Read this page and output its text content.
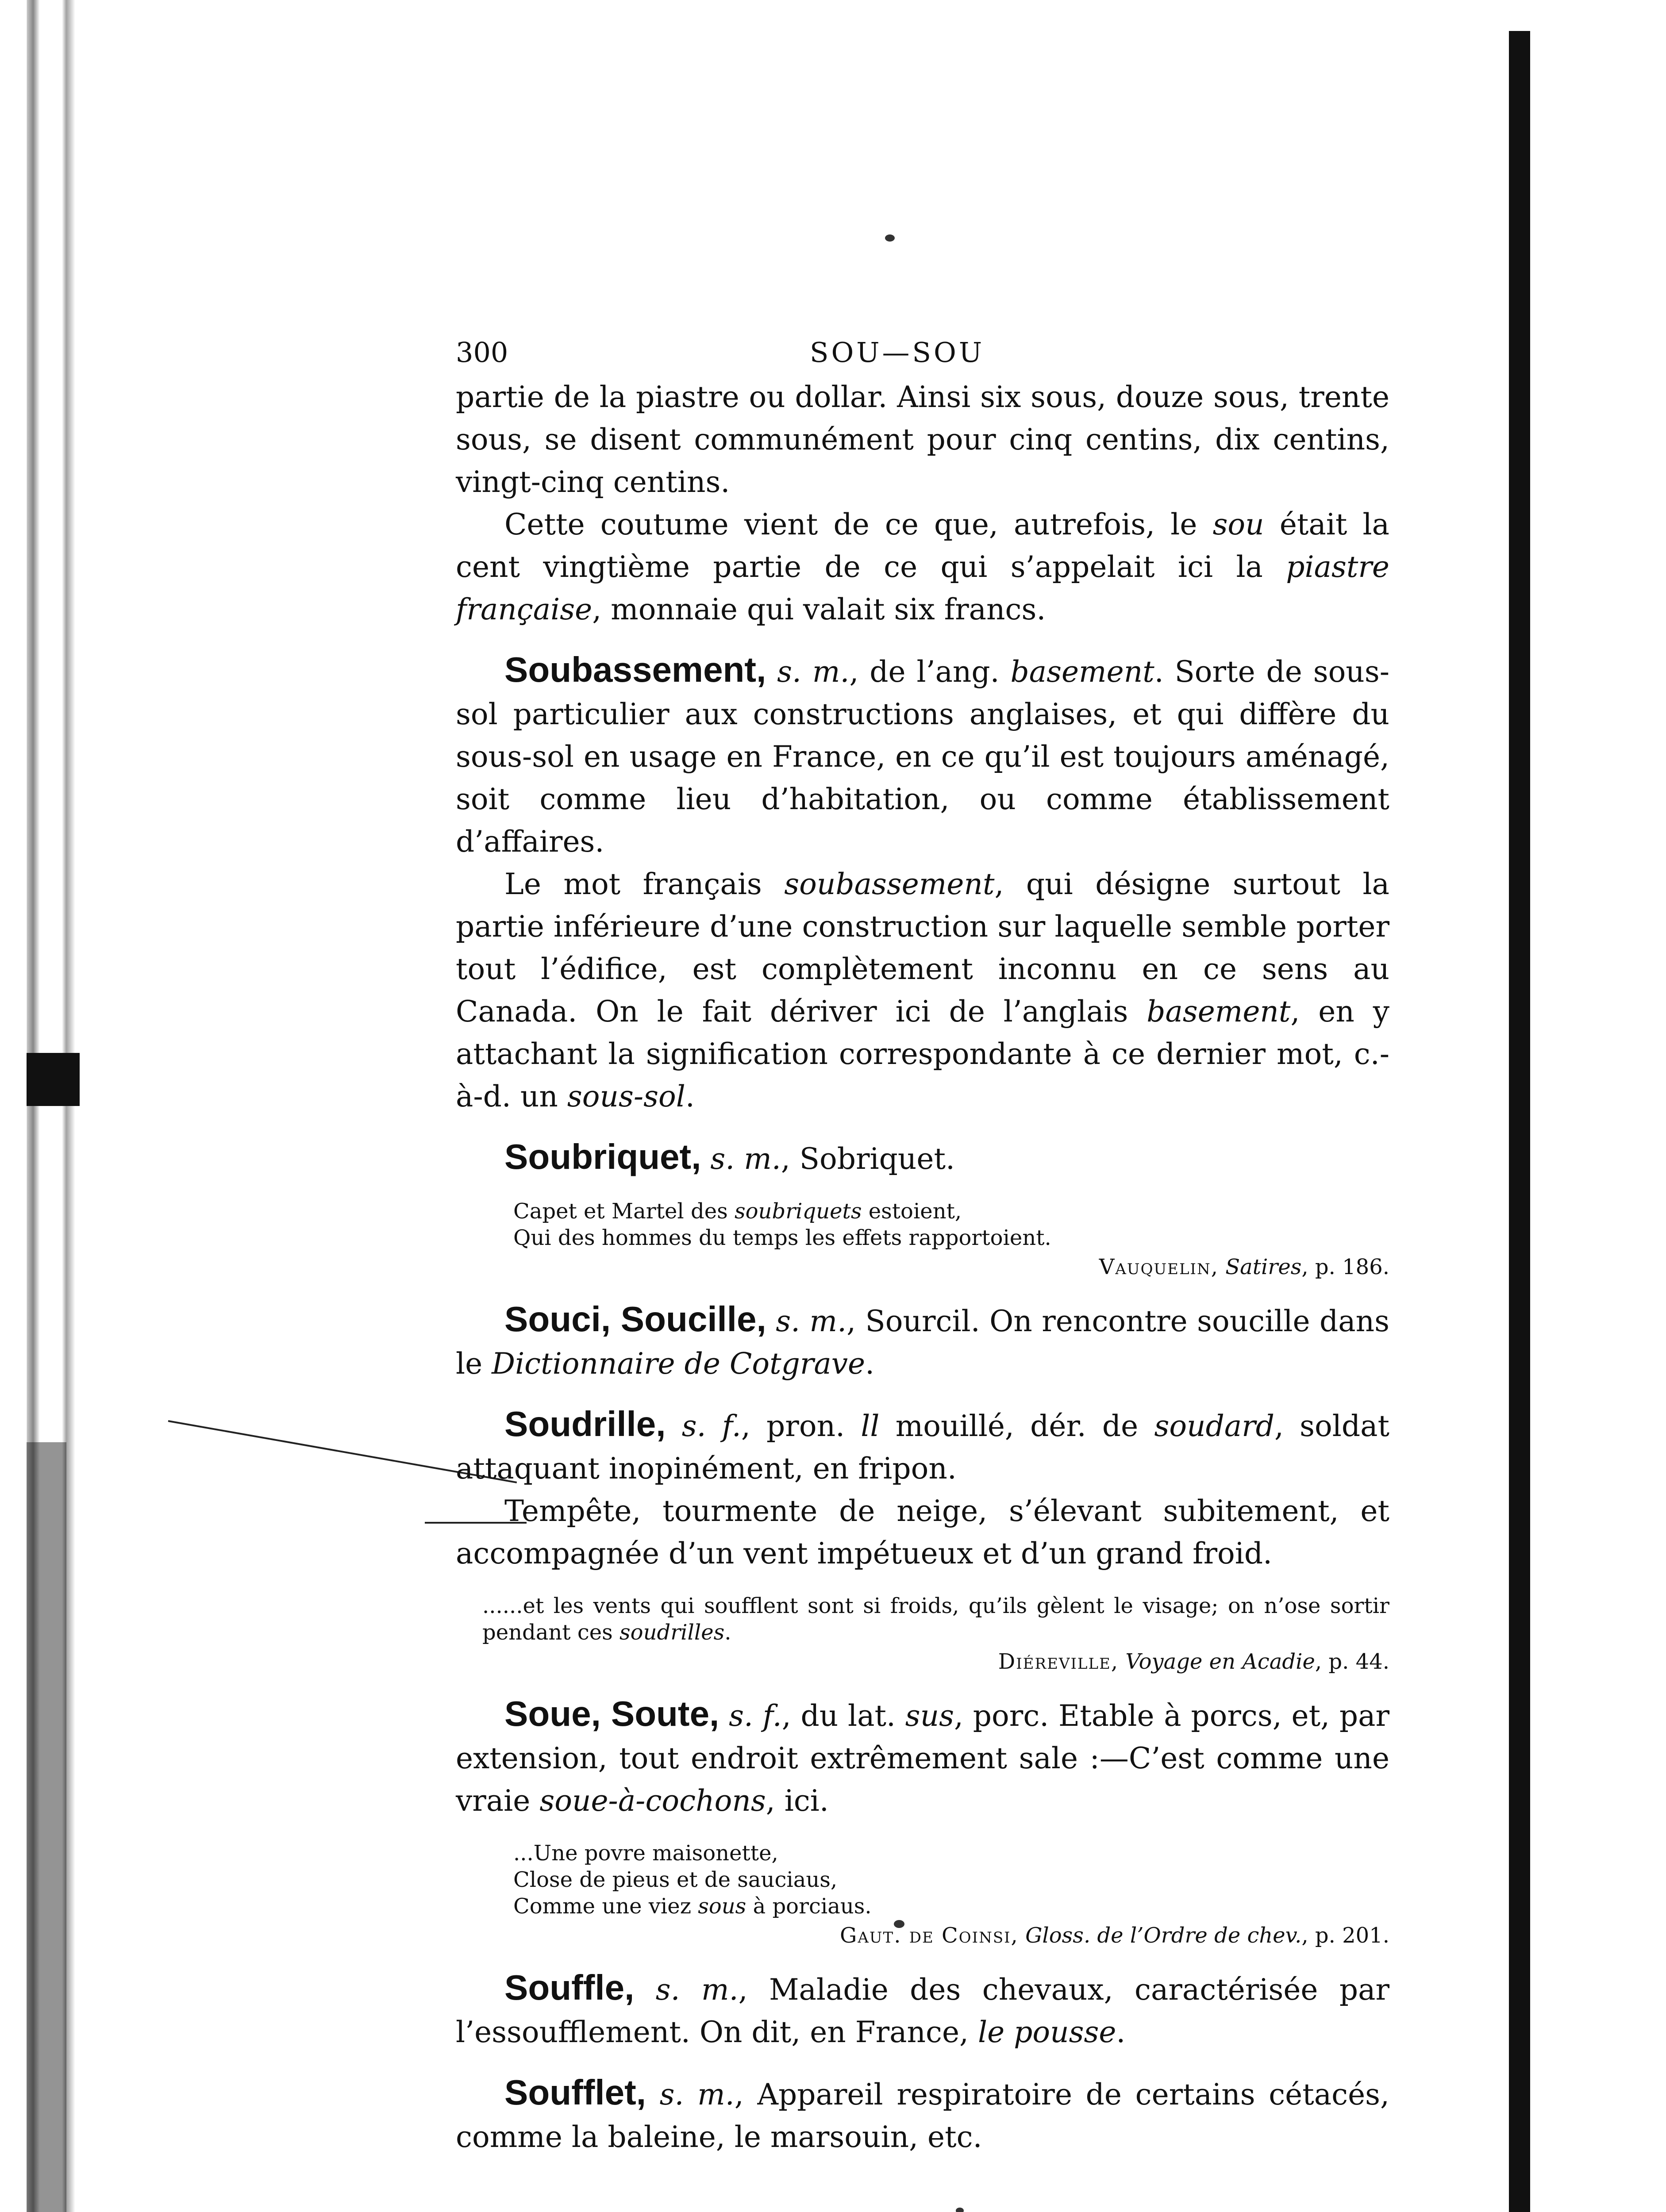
300	SOU—SOU

partie de la piastre ou dollar. Ainsi six sous, douze sous, trente sous, se disent communément pour cinq centins, dix centins, vingt-cinq centins.

Cette coutume vient de ce que, autrefois, le sou était la cent vingtième partie de ce qui s’appelait ici la piastre française, monnaie qui valait six francs.

Soubassement, s. m., de l’ang. basement. Sorte de sous-sol particulier aux constructions anglaises, et qui diffère du sous-sol en usage en France, en ce qu’il est toujours aménagé, soit comme lieu d’habitation, ou comme établissement d’affaires.

Le mot français soubassement, qui désigne surtout la partie inférieure d’une construction sur laquelle semble porter tout l’édifice, est complètement inconnu en ce sens au Canada. On le fait dériver ici de l’anglais basement, en y attachant la signification correspondante à ce dernier mot, c.-à-d. un sous-sol.

Soubriquet, s. m., Sobriquet.

Capet et Martel des soubriquets estoient,
Qui des hommes du temps les effets rapportoient.
Vauquelin, Satires, p. 186.

Souci, Soucille, s. m., Sourcil. On rencontre soucille dans le Dictionnaire de Cotgrave.

Soudrille, s. f., pron. ll mouillé, dér. de soudard, soldat attaquant inopinément, en fripon.

Tempête, tourmente de neige, s’élevant subitement, et accompagnée d’un vent impétueux et d’un grand froid.

......et les vents qui soufflent sont si froids, qu’ils gèlent le visage; on n’ose sortir pendant ces soudrilles.
Diéreville, Voyage en Acadie, p. 44.

Soue, Soute, s. f., du lat. sus, porc. Etable à porcs, et, par extension, tout endroit extrêmement sale :—C’est comme une vraie soue-à-cochons, ici.

...Une povre maisonette,
Close de pieus et de sauciaus,
Comme une viez sous à porciaus.
Gaut. de Coinsi, Gloss. de l’Ordre de chev., p. 201.

Souffle, s. m., Maladie des chevaux, caractérisée par l’essoufflement. On dit, en France, le pousse.

Soufflet, s. m., Appareil respiratoire de certains cétacés, comme la baleine, le marsouin, etc.
